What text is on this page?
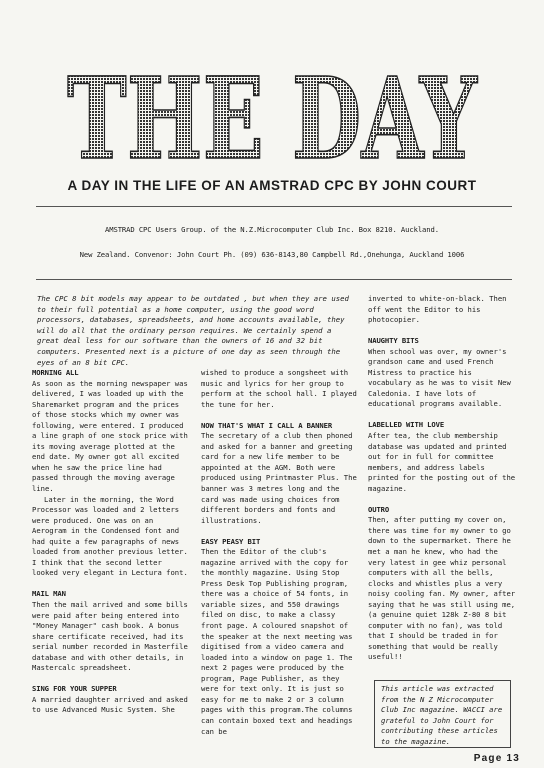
THE DAY
A DAY IN THE LIFE OF AN AMSTRAD CPC BY JOHN COURT
AMSTRAD CPC Users Group. of the N.Z.Microcomputer Club Inc. Box 8210. Auckland.
New Zealand. Convenor: John Court Ph. (09) 636-8143,80 Campbell Rd.,Onehunga, Auckland 1006
The CPC 8 bit models may appear to be outdated , but when they are used to their full potential as a home computer, using the good word processors, databases, spreadsheets, and home accounts available, they will do all that the ordinary person requires. We certainly spend a great deal less for our software than the owners of 16 and 32 bit computers. Presented next is a picture of one day as seen through the eyes of an 8 bit CPC.
MORNING ALL
As soon as the morning newspaper was delivered, I was loaded up with the Sharemarket program and the prices of those stocks which my owner was following, were entered. I produced a line graph of one stock price with its moving average plotted at the end date. My owner got all excited when he saw the price line had passed through the moving average line.
Later in the morning, the Word Processor was loaded and 2 letters were produced. One was on an Aerogram in the Condensed font and had quite a few paragraphs of news loaded from another previous letter. I think that the second letter looked very elegant in Lectura font.
MAIL MAN
Then the mail arrived and some bills were paid after being entered into "Money Manager" cash book. A bonus share certificate received, had its serial number recorded in Masterfile database and with other details, in Mastercalc spreadsheet.
SING FOR YOUR SUPPER
A married daughter arrived and asked to use Advanced Music System. She
wished to produce a songsheet with music and lyrics for her group to perform at the school hall. I played the tune for her.
NOW THAT'S WHAT I CALL A BANNER
The secretary of a club then phoned and asked for a banner and greeting card for a new life member to be appointed at the AGM. Both were produced using Printmaster Plus. The banner was 3 metres long and the card was made using choices from different borders and fonts and illustrations.
EASY PEASY BIT
Then the Editor of the club's magazine arrived with the copy for the monthly magazine. Using Stop Press Desk Top Publishing program, there was a choice of 54 fonts, in variable sizes, and 550 drawings filed on disc, to make a classy front page. A coloured snapshot of the speaker at the next meeting was digitised from a video camera and loaded into a window on page 1. The next 2 pages were produced by the program, Page Publisher, as they were for text only. It is just so easy for me to make 2 or 3 column pages with this program.The columns can contain boxed text and headings can be
inverted to white-on-black. Then off went the Editor to his photocopier.
NAUGHTY BITS
When school was over, my owner's grandson came and used French Mistress to practice his vocabulary as he was to visit New Caledonia. I have lots of educational programs available.
LABELLED WITH LOVE
After tea, the club membership database was updated and printed out for in full for committee members, and address labels printed for the posting out of the magazine.
OUTRO
Then, after putting my cover on, there was time for my owner to go down to the supermarket. There he met a man he knew, who had the very latest in gee whiz personal computers with all the bells, clocks and whistles plus a very noisy cooling fan. My owner, after saying that he was still using me, (a genuine quiet 128k Z-80 8 bit computer with no fan), was told that I should be traded in for something that would be really useful!!
This article was extracted from the N Z Microcomputer Club Inc magazine. WACCI are grateful to John Court for contributing these articles to the magazine.
Page 13
